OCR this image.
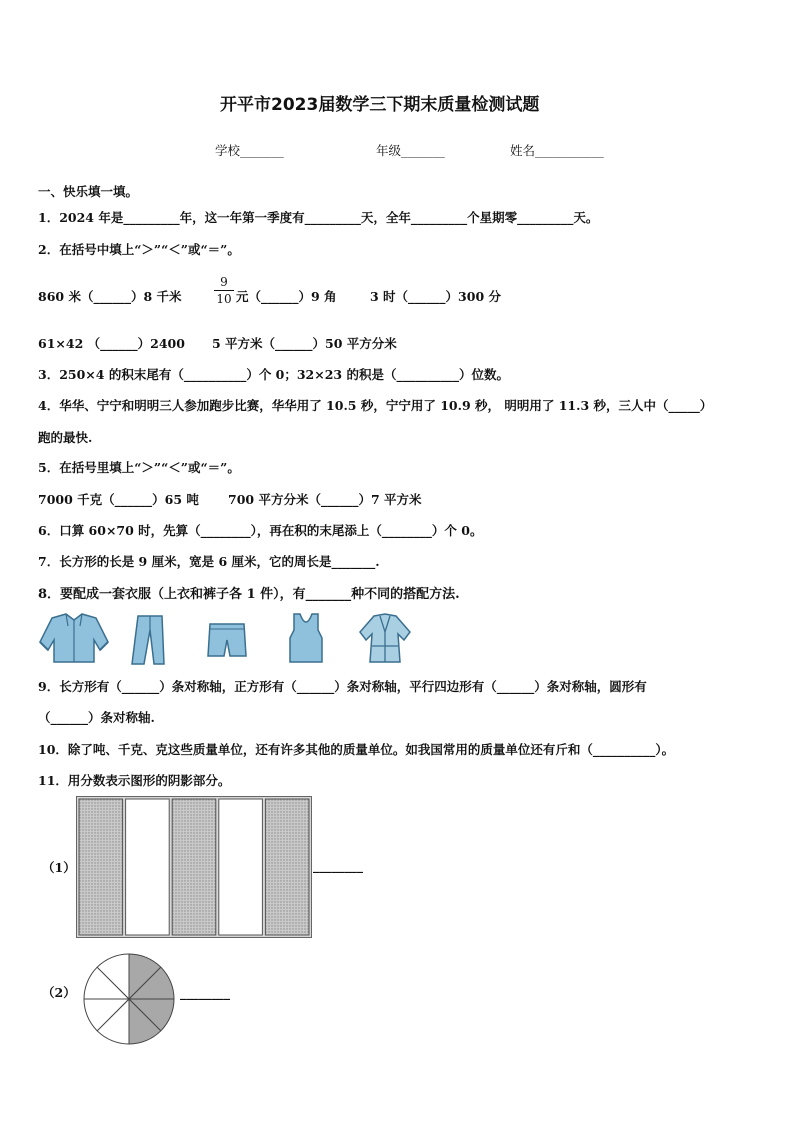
开平市2023届数学三下期末质量检测试题
学校_______	年级_______	姓名___________
一、快乐填一填。
1．2024 年是_________年，这一年第一季度有_________天，全年_________个星期零_________天。
2．在括号中填上“＞”“＜”或“＝”。
860 米（______）8 千米
9
10 元（______）9 角	3 时（______）300 分
61×42 （______）2400 5 平方米（______）50 平方分米
3．250×4 的积末尾有（__________）个 0；32×23 的积是（__________）位数。
4．华华、宁宁和明明三人参加跑步比赛，华华用了 10.5 秒，宁宁用了 10.9 秒， 明明用了 11.3 秒，三人中（_____）
跑的最快.
5．在括号里填上“＞”“＜”或“＝”。
7000 千克（______）65 吨 700 平方分米（______）7 平方米
6．口算 60×70 时，先算（________），再在积的末尾添上（________）个 0。
7．长方形的长是 9 厘米，宽是 6 厘米，它的周长是_______.
8．要配成一套衣服（上衣和裤子各 1 件），有_______种不同的搭配方法.
9．长方形有（______）条对称轴，正方形有（______）条对称轴，平行四边形有（______）条对称轴，圆形有
（______）条对称轴.
10．除了吨、千克、克这些质量单位，还有许多其他的质量单位。如我国常用的质量单位还有斤和（__________）。
11．用分数表示图形的阴影部分。
（1）	________
（2）	________
